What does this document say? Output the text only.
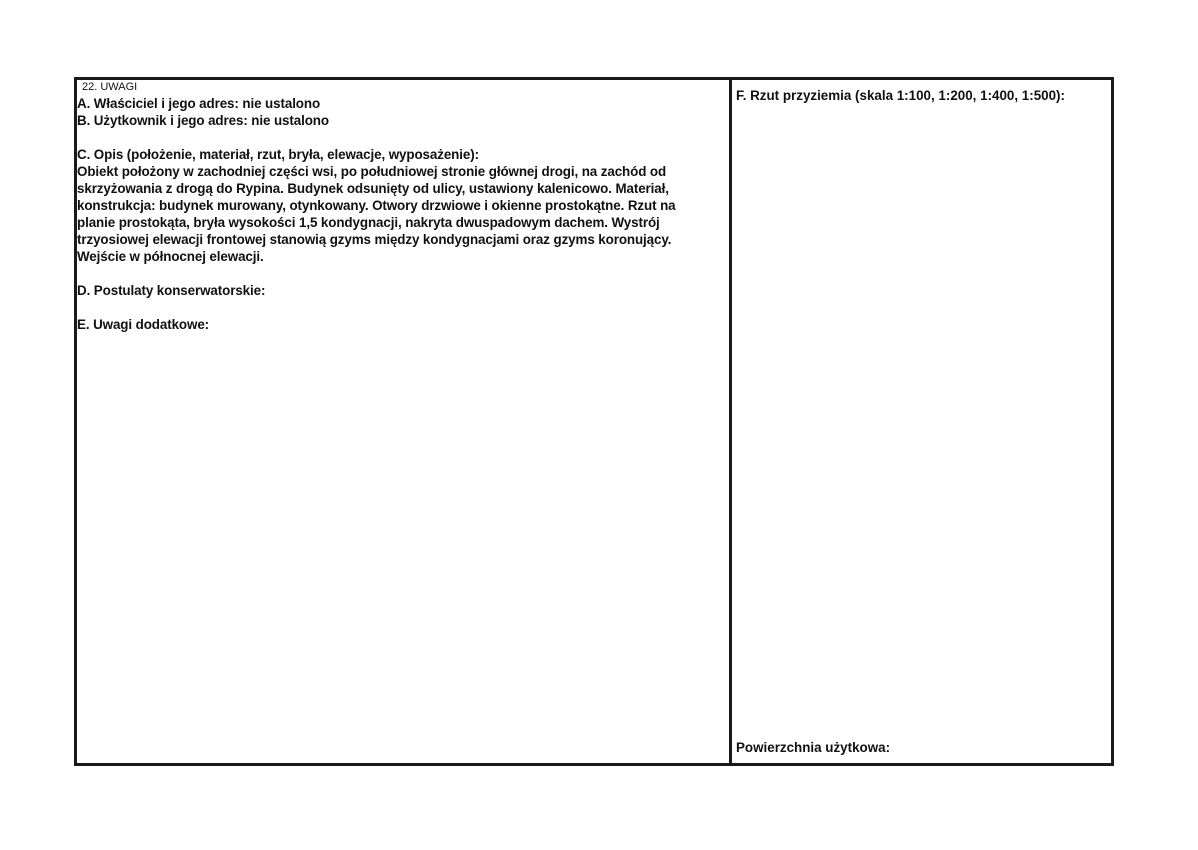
22. UWAGI
A. Właściciel i jego adres: nie ustalono
B. Użytkownik i jego adres: nie ustalono
C. Opis (położenie, materiał, rzut, bryła, elewacje, wyposażenie):
Obiekt położony w zachodniej części wsi, po południowej stronie głównej drogi, na zachód od
skrzyżowania z drogą do Rypina. Budynek odsunięty od ulicy, ustawiony kalenicowo. Materiał,
konstrukcja: budynek murowany, otynkowany. Otwory drzwiowe i okienne prostokątne. Rzut na
planie prostokąta, bryła wysokości 1,5 kondygnacji, nakryta dwuspadowym dachem. Wystrój
trzyosiowej elewacji frontowej stanowią gzyms między kondygnacjami oraz gzyms koronujący.
Wejście w północnej elewacji.
D. Postulaty konserwatorskie:
E. Uwagi dodatkowe:
F. Rzut przyziemia (skala 1:100, 1:200, 1:400, 1:500):
Powierzchnia użytkowa:
